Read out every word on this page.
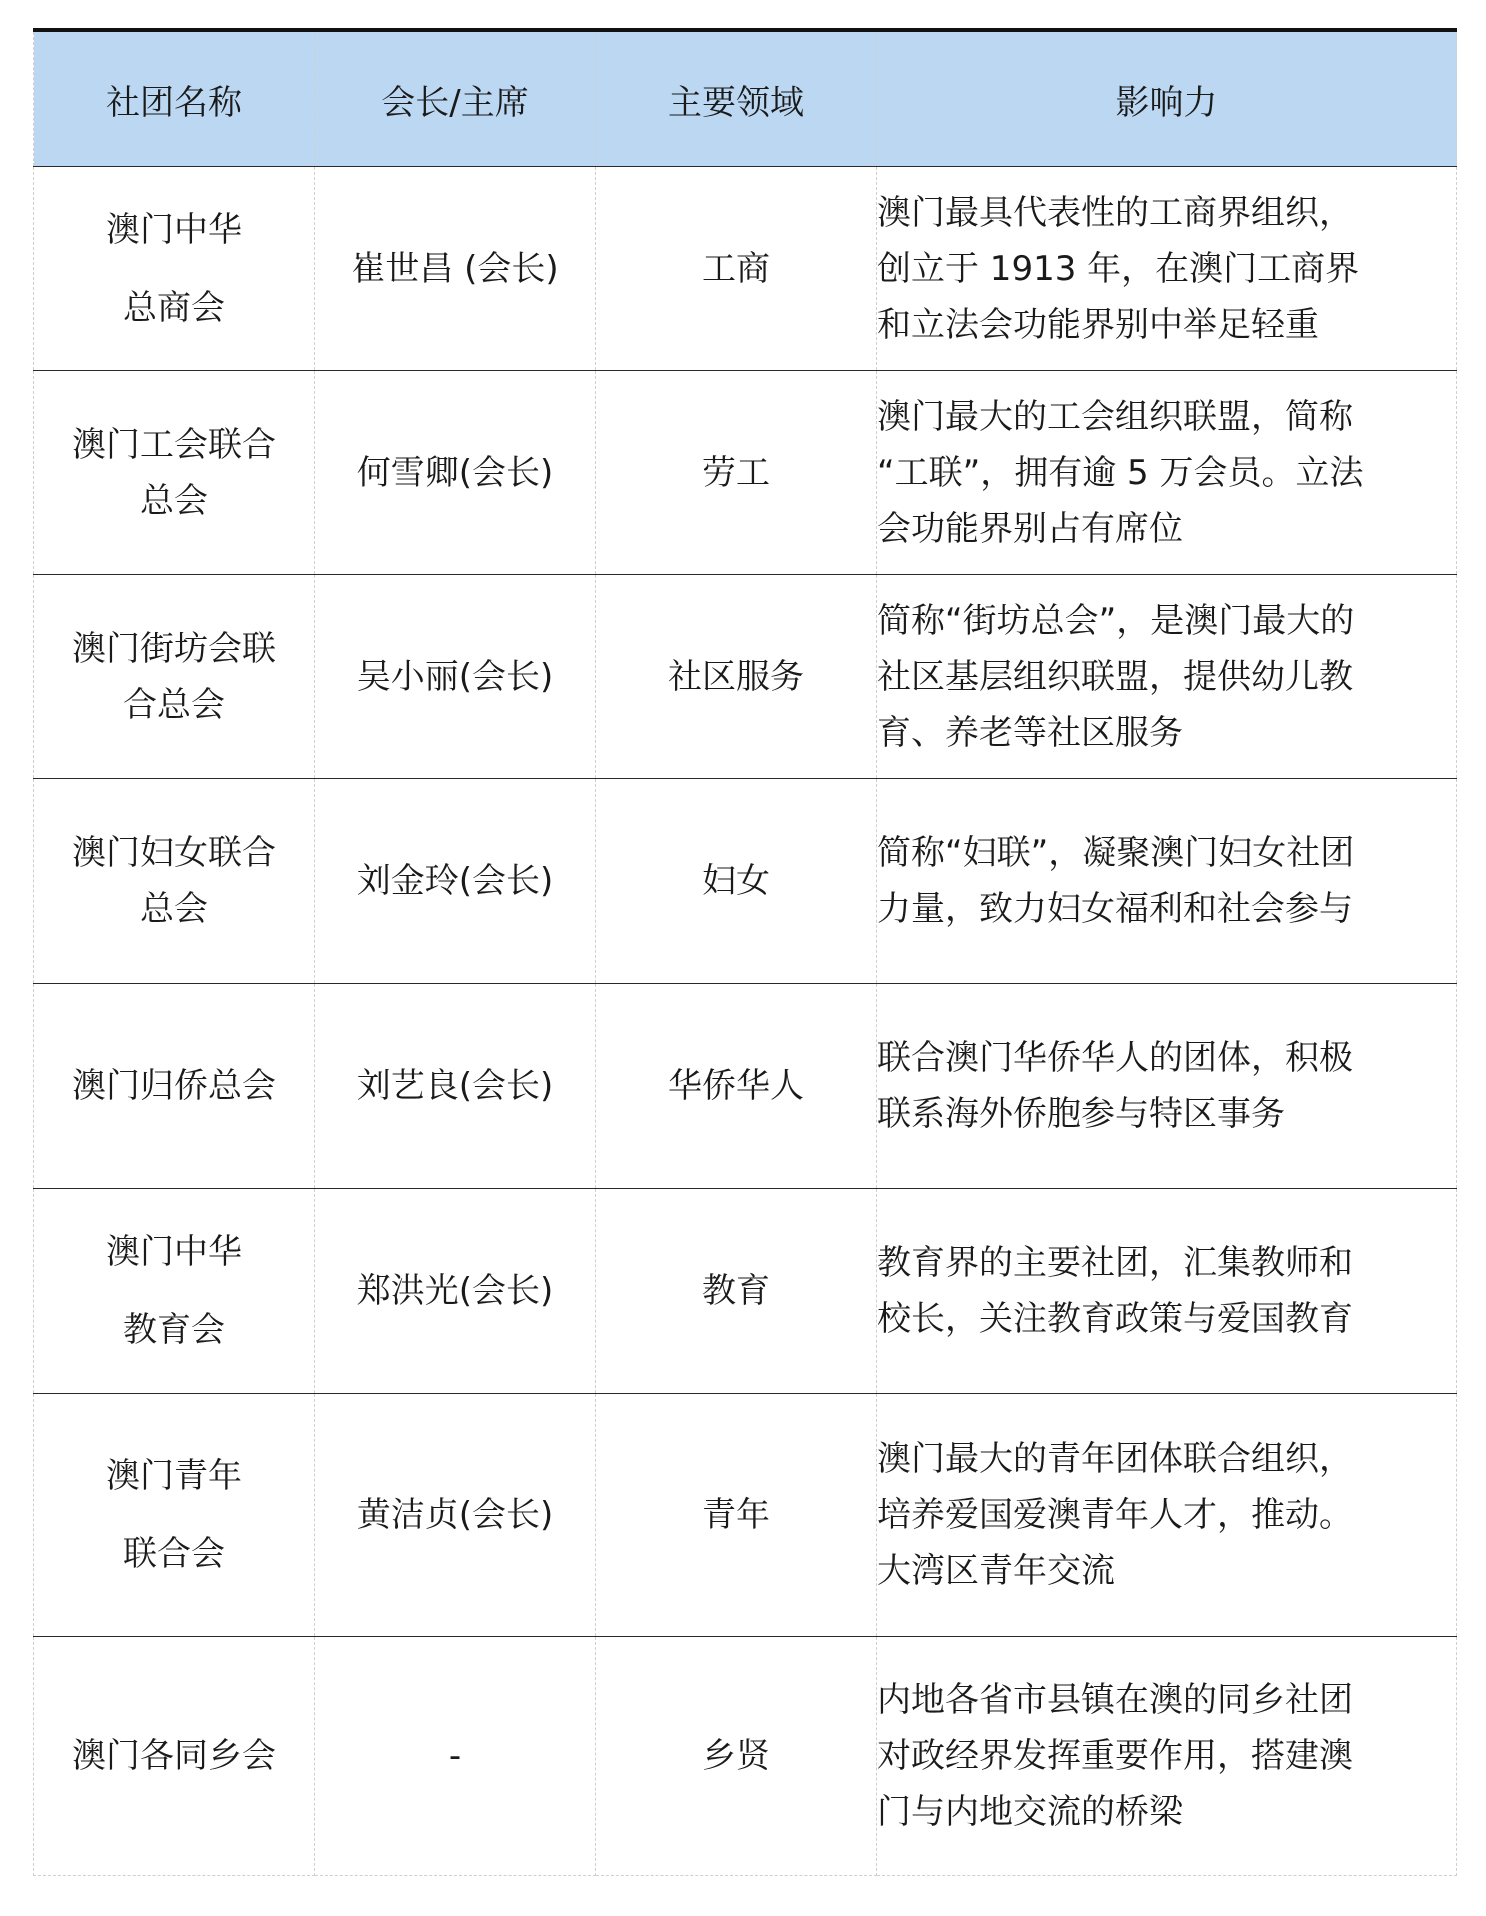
社团名称	会长/主席	主要领域	影响力

澳门中华
总商会	崔世昌 (会长)	工商	澳门最具代表性的工商界组织，
创立于 1913 年，在澳门工商界
和立法会功能界别中举足轻重

澳门工会联合
总会	何雪卿(会长)	劳工	澳门最大的工会组织联盟，简称
“工联”，拥有逾 5 万会员。立法
会功能界别占有席位

澳门街坊会联
合总会	吴小丽(会长)	社区服务	简称“街坊总会”，是澳门最大的
社区基层组织联盟，提供幼儿教
育、养老等社区服务

澳门妇女联合
总会	刘金玲(会长)	妇女	简称“妇联”，凝聚澳门妇女社团
力量，致力妇女福利和社会参与

澳门归侨总会	刘艺良(会长)	华侨华人	联合澳门华侨华人的团体，积极
联系海外侨胞参与特区事务

澳门中华
教育会	郑洪光(会长)	教育	教育界的主要社团，汇集教师和
校长，关注教育政策与爱国教育

澳门青年
联合会	黄洁贞(会长)	青年	澳门最大的青年团体联合组织，
培养爱国爱澳青年人才，推动。
大湾区青年交流

澳门各同乡会	-	乡贤	内地各省市县镇在澳的同乡社团
对政经界发挥重要作用，搭建澳
门与内地交流的桥梁
